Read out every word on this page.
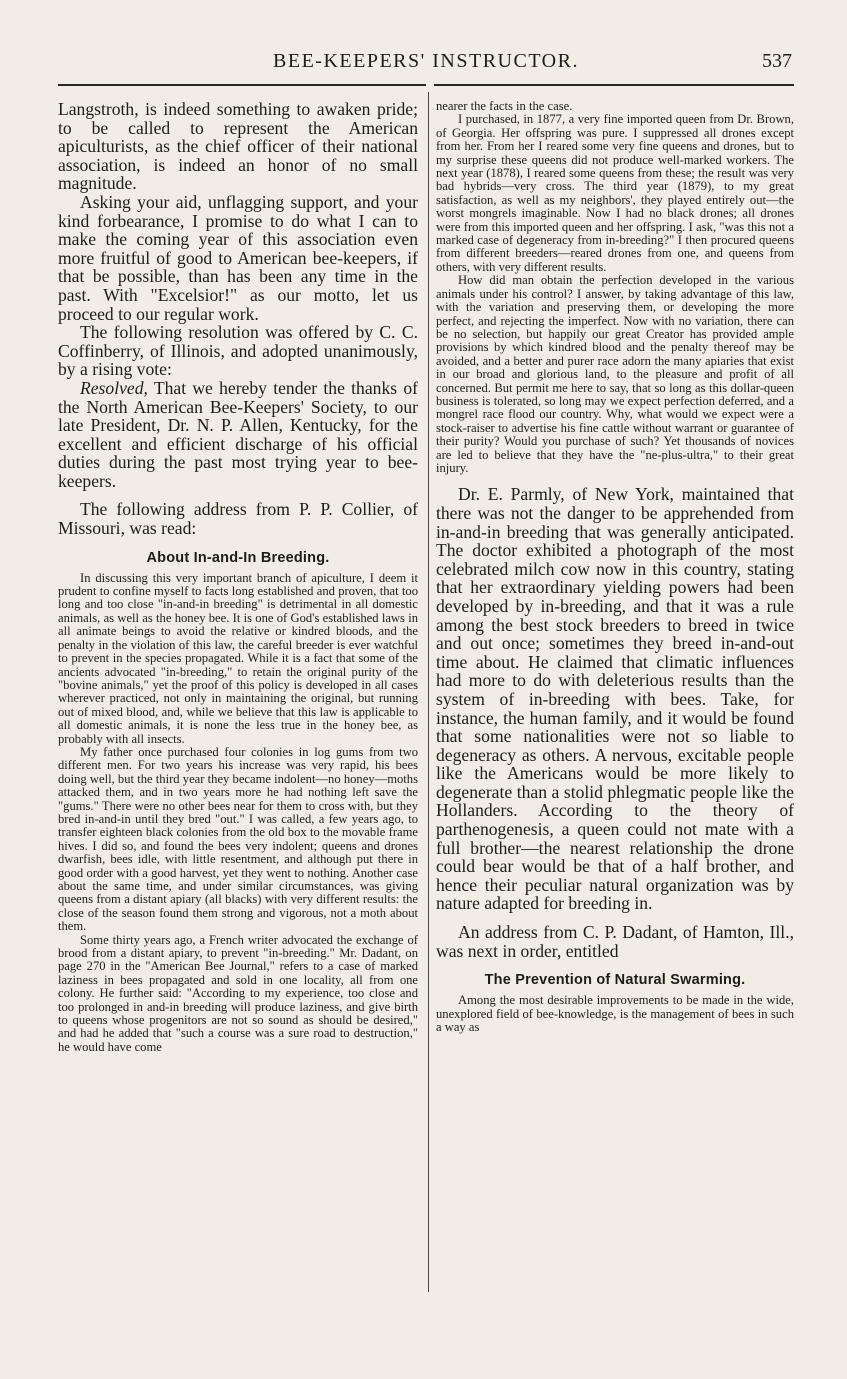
BEE-KEEPERS' INSTRUCTOR.	537

Langstroth, is indeed something to awaken pride; to be called to represent the American apiculturists, as the chief officer of their national association, is indeed an honor of no small magnitude.

Asking your aid, unflagging support, and your kind forbearance, I promise to do what I can to make the coming year of this association even more fruitful of good to American bee-keepers, if that be possible, than has been any time in the past. With "Excelsior!" as our motto, let us proceed to our regular work.

The following resolution was offered by C. C. Coffinberry, of Illinois, and adopted unanimously, by a rising vote:

Resolved, That we hereby tender the thanks of the North American Bee-Keepers' Society, to our late President, Dr. N. P. Allen, Kentucky, for the excellent and efficient discharge of his official duties during the past most trying year to bee-keepers.

The following address from P. P. Collier, of Missouri, was read:

About In-and-In Breeding.

In discussing this very important branch of apiculture, I deem it prudent to confine myself to facts long established and proven, that too long and too close "in-and-in breeding" is detrimental in all domestic animals, as well as the honey bee. It is one of God's established laws in all animate beings to avoid the relative or kindred bloods, and the penalty in the violation of this law, the careful breeder is ever watchful to prevent in the species propagated. While it is a fact that some of the ancients advocated "in-breeding," to retain the original purity of the "bovine animals," yet the proof of this policy is developed in all cases wherever practiced, not only in maintaining the original, but running out of mixed blood, and, while we believe that this law is applicable to all domestic animals, it is none the less true in the honey bee, as probably with all insects.

My father once purchased four colonies in log gums from two different men. For two years his increase was very rapid, his bees doing well, but the third year they became indolent—no honey—moths attacked them, and in two years more he had nothing left save the "gums." There were no other bees near for them to cross with, but they bred in-and-in until they bred "out." I was called, a few years ago, to transfer eighteen black colonies from the old box to the movable frame hives. I did so, and found the bees very indolent; queens and drones dwarfish, bees idle, with little resentment, and although put there in good order with a good harvest, yet they went to nothing. Another case about the same time, and under similar circumstances, was giving queens from a distant apiary (all blacks) with very different results: the close of the season found them strong and vigorous, not a moth about them.

Some thirty years ago, a French writer advocated the exchange of brood from a distant apiary, to prevent "in-breeding." Mr. Dadant, on page 270 in the "American Bee Journal," refers to a case of marked laziness in bees propagated and sold in one locality, all from one colony. He further said: "According to my experience, too close and too prolonged in and-in breeding will produce laziness, and give birth to queens whose progenitors are not so sound as should be desired," and had he added that "such a course was a sure road to destruction," he would have come

nearer the facts in the case.

I purchased, in 1877, a very fine imported queen from Dr. Brown, of Georgia. Her offspring was pure. I suppressed all drones except from her. From her I reared some very fine queens and drones, but to my surprise these queens did not produce well-marked workers. The next year (1878), I reared some queens from these; the result was very bad hybrids—very cross. The third year (1879), to my great satisfaction, as well as my neighbors', they played entirely out—the worst mongrels imaginable. Now I had no black drones; all drones were from this imported queen and her offspring. I ask, "was this not a marked case of degeneracy from in-breeding?" I then procured queens from different breeders—reared drones from one, and queens from others, with very different results.

How did man obtain the perfection developed in the various animals under his control? I answer, by taking advantage of this law, with the variation and preserving them, or developing the more perfect, and rejecting the imperfect. Now with no variation, there can be no selection, but happily our great Creator has provided ample provisions by which kindred blood and the penalty thereof may be avoided, and a better and purer race adorn the many apiaries that exist in our broad and glorious land, to the pleasure and profit of all concerned. But permit me here to say, that so long as this dollar-queen business is tolerated, so long may we expect perfection deferred, and a mongrel race flood our country. Why, what would we expect were a stock-raiser to advertise his fine cattle without warrant or guarantee of their purity? Would you purchase of such? Yet thousands of novices are led to believe that they have the "ne-plus-ultra," to their great injury.

Dr. E. Parmly, of New York, maintained that there was not the danger to be apprehended from in-and-in breeding that was generally anticipated. The doctor exhibited a photograph of the most celebrated milch cow now in this country, stating that her extraordinary yielding powers had been developed by in-breeding, and that it was a rule among the best stock breeders to breed in twice and out once; sometimes they breed in-and-out time about. He claimed that climatic influences had more to do with deleterious results than the system of in-breeding with bees. Take, for instance, the human family, and it would be found that some nationalities were not so liable to degeneracy as others. A nervous, excitable people like the Americans would be more likely to degenerate than a stolid phlegmatic people like the Hollanders. According to the theory of parthenogenesis, a queen could not mate with a full brother—the nearest relationship the drone could bear would be that of a half brother, and hence their peculiar natural organization was by nature adapted for breeding in.

An address from C. P. Dadant, of Hamton, Ill., was next in order, entitled

The Prevention of Natural Swarming.

Among the most desirable improvements to be made in the wide, unexplored field of bee-knowledge, is the management of bees in such a way as
